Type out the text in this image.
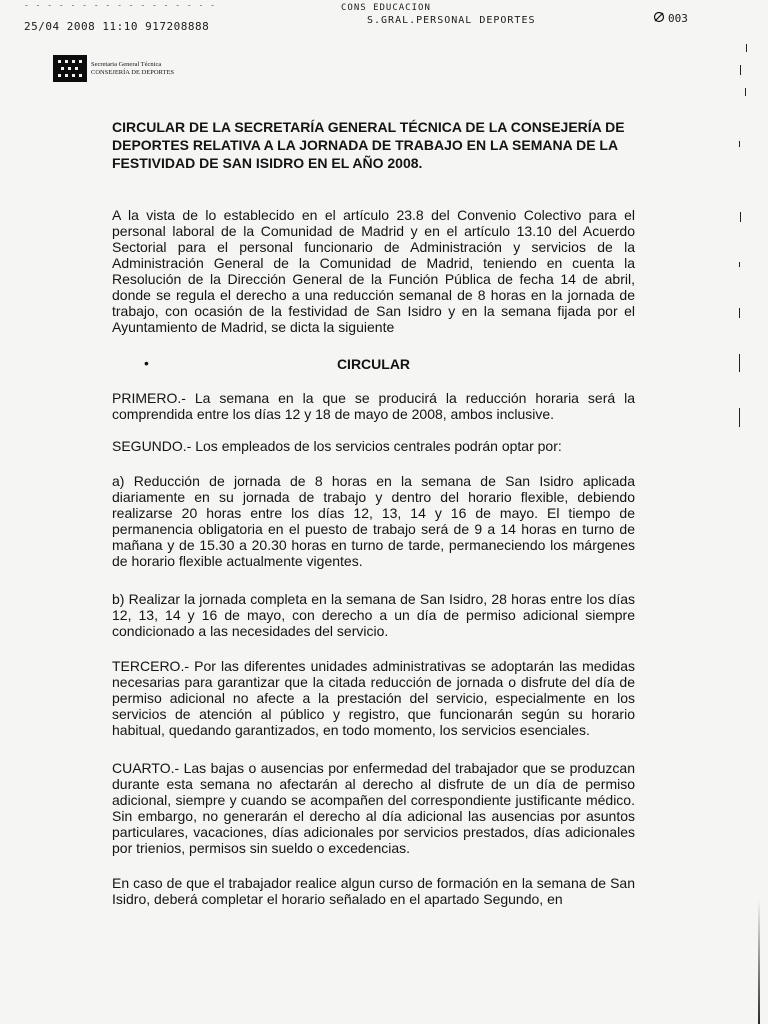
- - - - - - - - - - - - - - - - -
25/04 2008 11:10 917208888
CONS EDUCACION
S.GRAL.PERSONAL DEPORTES	003
Secretaria General Técnica
CONSEJERÍA DE DEPORTES
CIRCULAR DE LA SECRETARÍA GENERAL TÉCNICA DE LA CONSEJERÍA DE DEPORTES RELATIVA A LA JORNADA DE TRABAJO EN LA SEMANA DE LA FESTIVIDAD DE SAN ISIDRO EN EL AÑO 2008.

A la vista de lo establecido en el artículo 23.8 del Convenio Colectivo para el personal laboral de la Comunidad de Madrid y en el artículo 13.10 del Acuerdo Sectorial para el personal funcionario de Administración y servicios de la Administración General de la Comunidad de Madrid, teniendo en cuenta la Resolución de la Dirección General de la Función Pública de fecha 14 de abril, donde se regula el derecho a una reducción semanal de 8 horas en la jornada de trabajo, con ocasión de la festividad de San Isidro y en la semana fijada por el Ayuntamiento de Madrid, se dicta la siguiente

•	CIRCULAR

PRIMERO.- La semana en la que se producirá la reducción horaria será la comprendida entre los días 12 y 18 de mayo de 2008, ambos inclusive.

SEGUNDO.- Los empleados de los servicios centrales podrán optar por:

a) Reducción de jornada de 8 horas en la semana de San Isidro aplicada diariamente en su jornada de trabajo y dentro del horario flexible, debiendo realizarse 20 horas entre los días 12, 13, 14 y 16 de mayo. El tiempo de permanencia obligatoria en el puesto de trabajo será de 9 a 14 horas en turno de mañana y de 15.30 a 20.30 horas en turno de tarde, permaneciendo los márgenes de horario flexible actualmente vigentes.

b) Realizar la jornada completa en la semana de San Isidro, 28 horas entre los días 12, 13, 14 y 16 de mayo, con derecho a un día de permiso adicional siempre condicionado a las necesidades del servicio.

TERCERO.- Por las diferentes unidades administrativas se adoptarán las medidas necesarias para garantizar que la citada reducción de jornada o disfrute del día de permiso adicional no afecte a la prestación del servicio, especialmente en los servicios de atención al público y registro, que funcionarán según su horario habitual, quedando garantizados, en todo momento, los servicios esenciales.

CUARTO.- Las bajas o ausencias por enfermedad del trabajador que se produzcan durante esta semana no afectarán al derecho al disfrute de un día de permiso adicional, siempre y cuando se acompañen del correspondiente justificante médico. Sin embargo, no generarán el derecho al día adicional las ausencias por asuntos particulares, vacaciones, días adicionales por servicios prestados, días adicionales por trienios, permisos sin sueldo o excedencias.

En caso de que el trabajador realice algun curso de formación en la semana de San Isidro, deberá completar el horario señalado en el apartado Segundo, en
